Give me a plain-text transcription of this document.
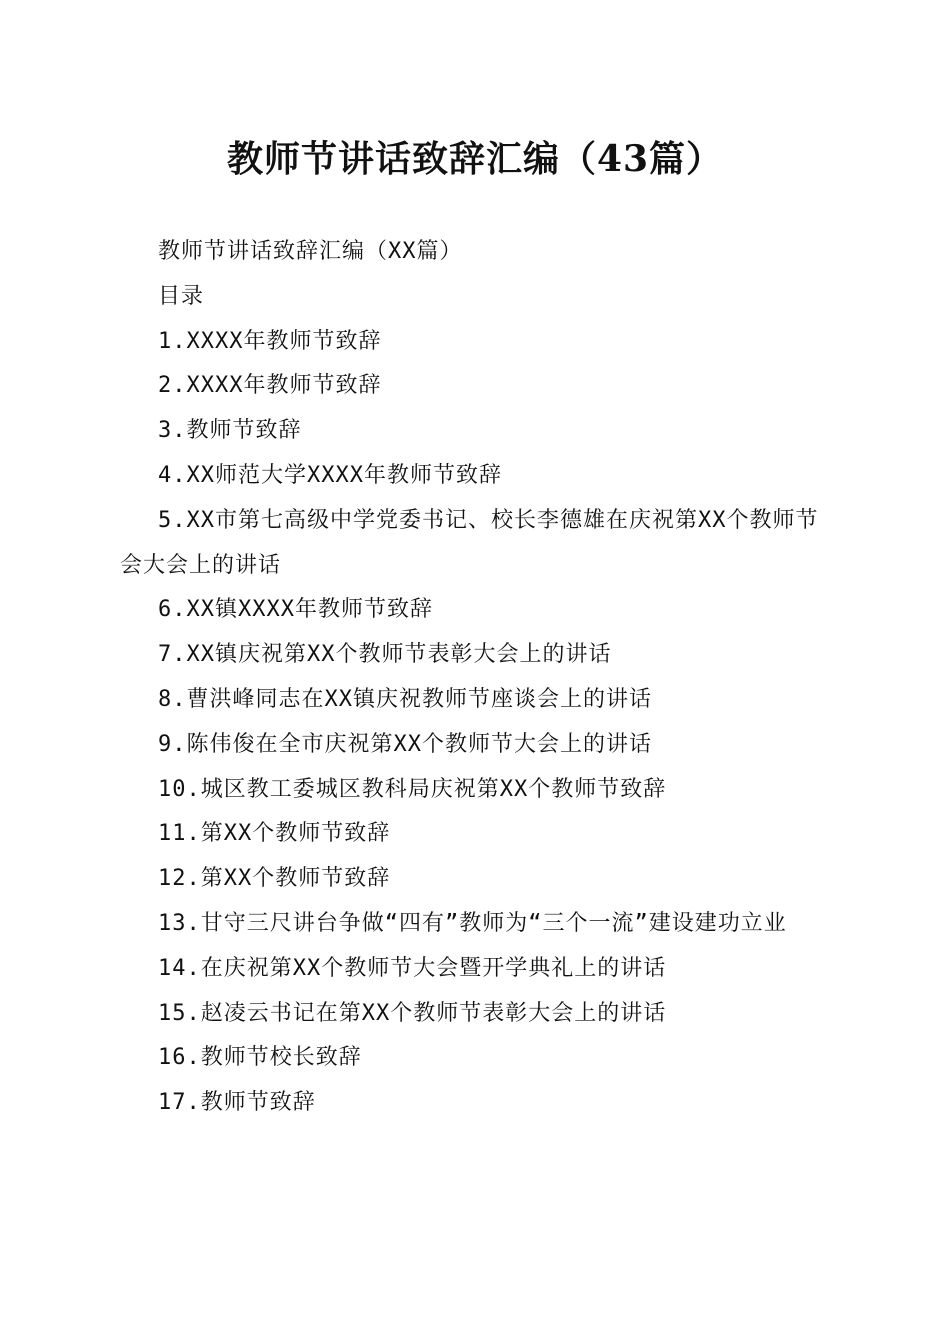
教师节讲话致辞汇编（43篇）

教师节讲话致辞汇编（XX篇）

目录

1.XXXX年教师节致辞

2.XXXX年教师节致辞

3.教师节致辞

4.XX师范大学XXXX年教师节致辞

5.XX市第七高级中学党委书记、校长李德雄在庆祝第XX个教师节会大会上的讲话

6.XX镇XXXX年教师节致辞

7.XX镇庆祝第XX个教师节表彰大会上的讲话

8.曹洪峰同志在XX镇庆祝教师节座谈会上的讲话

9.陈伟俊在全市庆祝第XX个教师节大会上的讲话

10.城区教工委城区教科局庆祝第XX个教师节致辞

11.第XX个教师节致辞

12.第XX个教师节致辞

13.甘守三尺讲台争做“四有”教师为“三个一流”建设建功立业

14.在庆祝第XX个教师节大会暨开学典礼上的讲话

15.赵凌云书记在第XX个教师节表彰大会上的讲话

16.教师节校长致辞

17.教师节致辞
